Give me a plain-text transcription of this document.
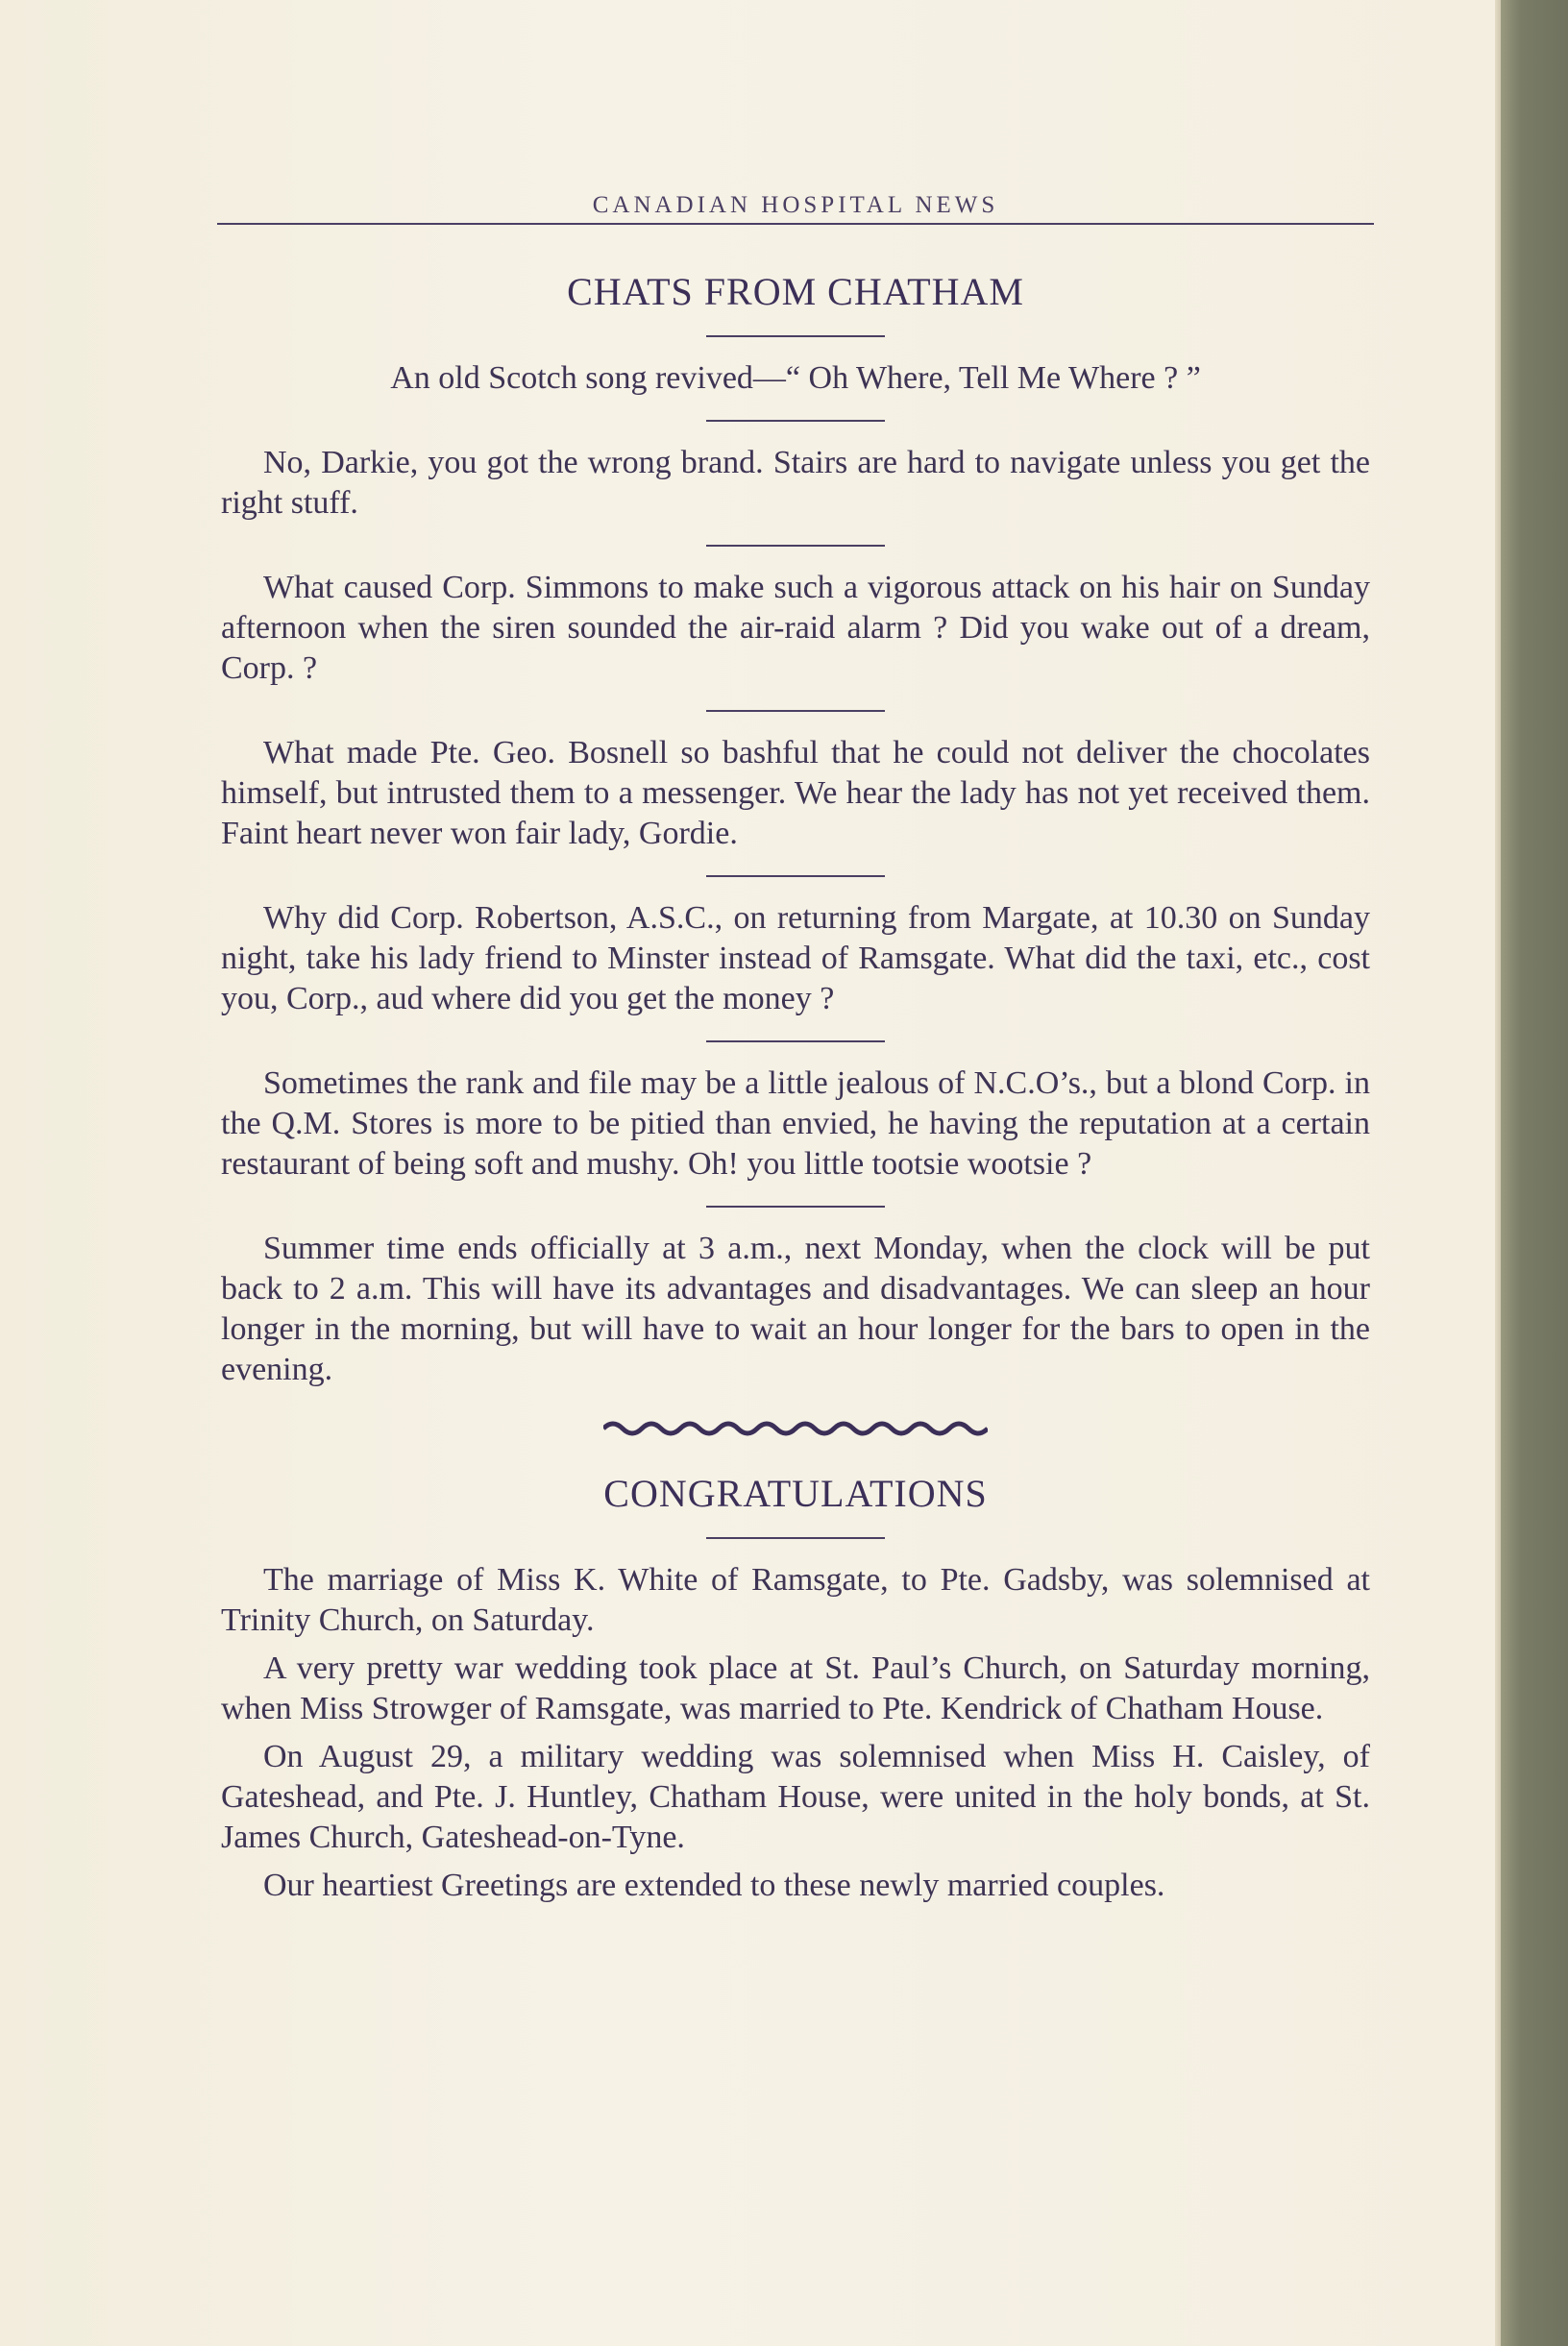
CANADIAN HOSPITAL NEWS
CHATS FROM CHATHAM

An old Scotch song revived—“ Oh Where, Tell Me Where ? ”

No, Darkie, you got the wrong brand. Stairs are hard to navigate unless you get the right stuff.

What caused Corp. Simmons to make such a vigorous attack on his hair on Sunday afternoon when the siren sounded the air-raid alarm ? Did you wake out of a dream, Corp. ?

What made Pte. Geo. Bosnell so bashful that he could not deliver the chocolates himself, but intrusted them to a messenger. We hear the lady has not yet received them. Faint heart never won fair lady, Gordie.

Why did Corp. Robertson, A.S.C., on returning from Margate, at 10.30 on Sunday night, take his lady friend to Minster instead of Ramsgate. What did the taxi, etc., cost you, Corp., aud where did you get the money ?

Sometimes the rank and file may be a little jealous of N.C.O’s., but a blond Corp. in the Q.M. Stores is more to be pitied than envied, he having the reputation at a certain restaurant of being soft and mushy. Oh! you little tootsie wootsie ?

Summer time ends officially at 3 a.m., next Monday, when the clock will be put back to 2 a.m. This will have its advantages and disadvantages. We can sleep an hour longer in the morning, but will have to wait an hour longer for the bars to open in the evening.

CONGRATULATIONS

The marriage of Miss K. White of Ramsgate, to Pte. Gadsby, was solemnised at Trinity Church, on Saturday.

A very pretty war wedding took place at St. Paul’s Church, on Saturday morning, when Miss Strowger of Ramsgate, was married to Pte. Kendrick of Chatham House.

On August 29, a military wedding was solemnised when Miss H. Caisley, of Gateshead, and Pte. J. Huntley, Chatham House, were united in the holy bonds, at St. James Church, Gateshead-on-Tyne.

Our heartiest Greetings are extended to these newly married couples.
